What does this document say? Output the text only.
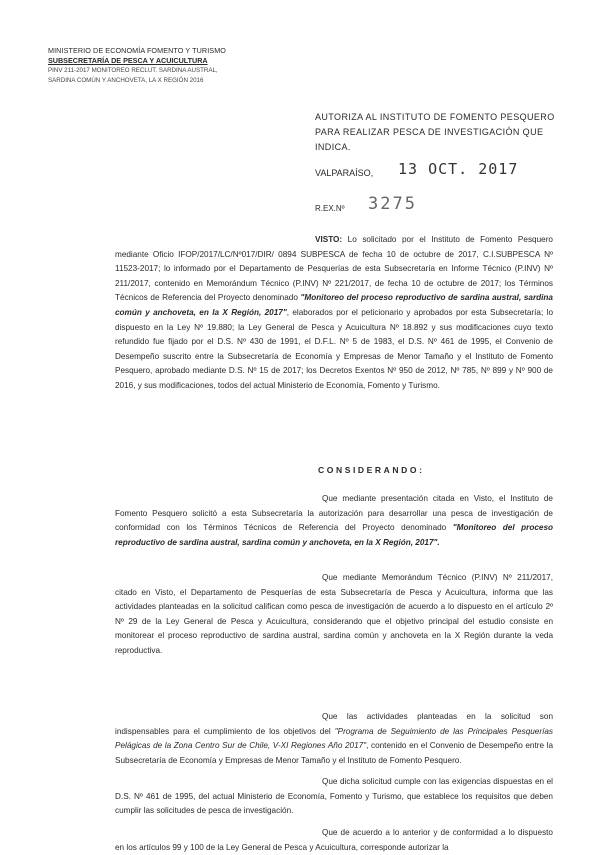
MINISTERIO DE ECONOMÍA FOMENTO Y TURISMO
SUBSECRETARÍA DE PESCA Y ACUICULTURA
PINV 211-2017 MONITOREO RECLUT. SARDINA AUSTRAL,
SARDINA COMÚN Y ANCHOVETA, LA X REGIÓN 2016
AUTORIZA AL INSTITUTO DE FOMENTO PESQUERO PARA REALIZAR PESCA DE INVESTIGACIÓN QUE INDICA.
VALPARAÍSO, 13 OCT. 2017
R.EX.Nº 3275
VISTO: Lo solicitado por el Instituto de Fomento Pesquero mediante Oficio IFOP/2017/LC/Nº017/DIR/ 0894 SUBPESCA de fecha 10 de octubre de 2017, C.I.SUBPESCA Nº 11523-2017; lo informado por el Departamento de Pesquerías de esta Subsecretaría en Informe Técnico (P.INV) Nº 211/2017, contenido en Memorándum Técnico (P.INV) Nº 221/2017, de fecha 10 de octubre de 2017; los Términos Técnicos de Referencia del Proyecto denominado "Monitoreo del proceso reproductivo de sardina austral, sardina común y anchoveta, en la X Región, 2017", elaborados por el peticionario y aprobados por esta Subsecretaría; lo dispuesto en la Ley Nº 19.880; la Ley General de Pesca y Acuicultura Nº 18.892 y sus modificaciones cuyo texto refundido fue fijado por el D.S. Nº 430 de 1991, el D.F.L. Nº 5 de 1983, el D.S. Nº 461 de 1995, el Convenio de Desempeño suscrito entre la Subsecretaría de Economía y Empresas de Menor Tamaño y el Instituto de Fomento Pesquero, aprobado mediante D.S. Nº 15 de 2017; los Decretos Exentos Nº 950 de 2012, Nº 785, Nº 899 y Nº 900 de 2016, y sus modificaciones, todos del actual Ministerio de Economía, Fomento y Turismo.
CONSIDERANDO:
Que mediante presentación citada en Visto, el Instituto de Fomento Pesquero solicitó a esta Subsecretaría la autorización para desarrollar una pesca de investigación de conformidad con los Términos Técnicos de Referencia del Proyecto denominado "Monitoreo del proceso reproductivo de sardina austral, sardina común y anchoveta, en la X Región, 2017".
Que mediante Memorándum Técnico (P.INV) Nº 211/2017, citado en Visto, el Departamento de Pesquerías de esta Subsecretaría de Pesca y Acuicultura, informa que las actividades planteadas en la solicitud califican como pesca de investigación de acuerdo a lo dispuesto en el artículo 2º Nº 29 de la Ley General de Pesca y Acuicultura, considerando que el objetivo principal del estudio consiste en monitorear el proceso reproductivo de sardina austral, sardina común y anchoveta en la X Región durante la veda reproductiva.
Que las actividades planteadas en la solicitud son indispensables para el cumplimiento de los objetivos del "Programa de Seguimiento de las Principales Pesquerías Pelágicas de la Zona Centro Sur de Chile, V-XI Regiones Año 2017", contenido en el Convenio de Desempeño entre la Subsecretaría de Economía y Empresas de Menor Tamaño y el Instituto de Fomento Pesquero.
Que dicha solicitud cumple con las exigencias dispuestas en el D.S. Nº 461 de 1995, del actual Ministerio de Economía, Fomento y Turismo, que establece los requisitos que deben cumplir las solicitudes de pesca de investigación.
Que de acuerdo a lo anterior y de conformidad a lo dispuesto en los artículos 99 y 100 de la Ley General de Pesca y Acuicultura, corresponde autorizar la
